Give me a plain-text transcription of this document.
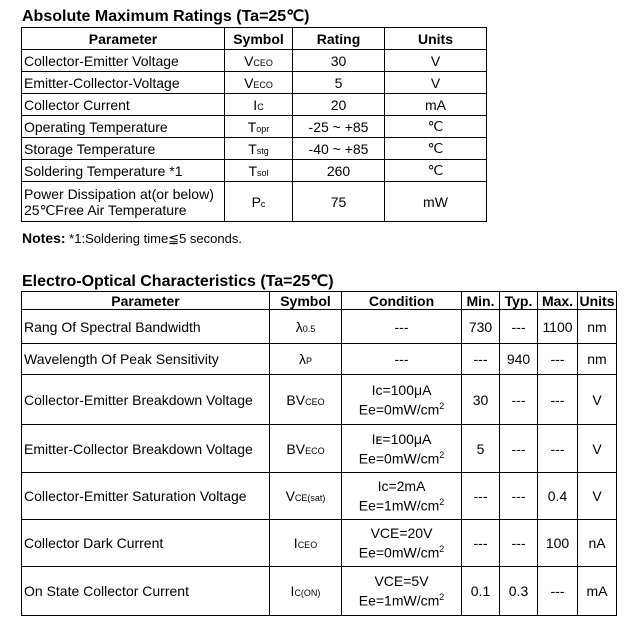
Absolute Maximum Ratings (Ta=25℃)
Parameter	Symbol	Rating	Units
Collector-Emitter Voltage	VCEO	30	V
Emitter-Collector-Voltage	VECO	5	V
Collector Current	IC	20	mA
Operating Temperature	Topr	-25 ~ +85	℃
Storage Temperature	Tstg	-40 ~ +85	℃
Soldering Temperature *1	Tsol	260	℃

Power Dissipation at(or below)
25℃Free Air Temperature	Pc	75	mW
Notes: *1:Soldering time≦5 seconds.
Electro-Optical Characteristics (Ta=25℃)
Parameter	Symbol	Condition	Min.	Typ.	Max.	Units
Rang Of Spectral Bandwidth	λ0.5	---	730	---	1100	nm
Wavelength Of Peak Sensitivity	λP	---	---	940	---	nm
Collector-Emitter Breakdown Voltage	BVCEO	Ic=100μA
$Ee=0mW/cm^2$	30	---	---	V
Emitter-Collector Breakdown Voltage	BVECO	Iᴇ=100μA
$Ee=0mW/cm^2$	5	---	---	V
Collector-Emitter Saturation Voltage	VCE(sat)	Ic=2mA
$Ee=1mW/cm^2$	---	---	0.4	V
Collector Dark Current	ICEO	VCE=20V
$Ee=0mW/cm^2$	---	---	100	nA
On State Collector Current	IC(ON)	VCE=5V
$Ee=1mW/cm^2$	0.1	0.3	---	mA
